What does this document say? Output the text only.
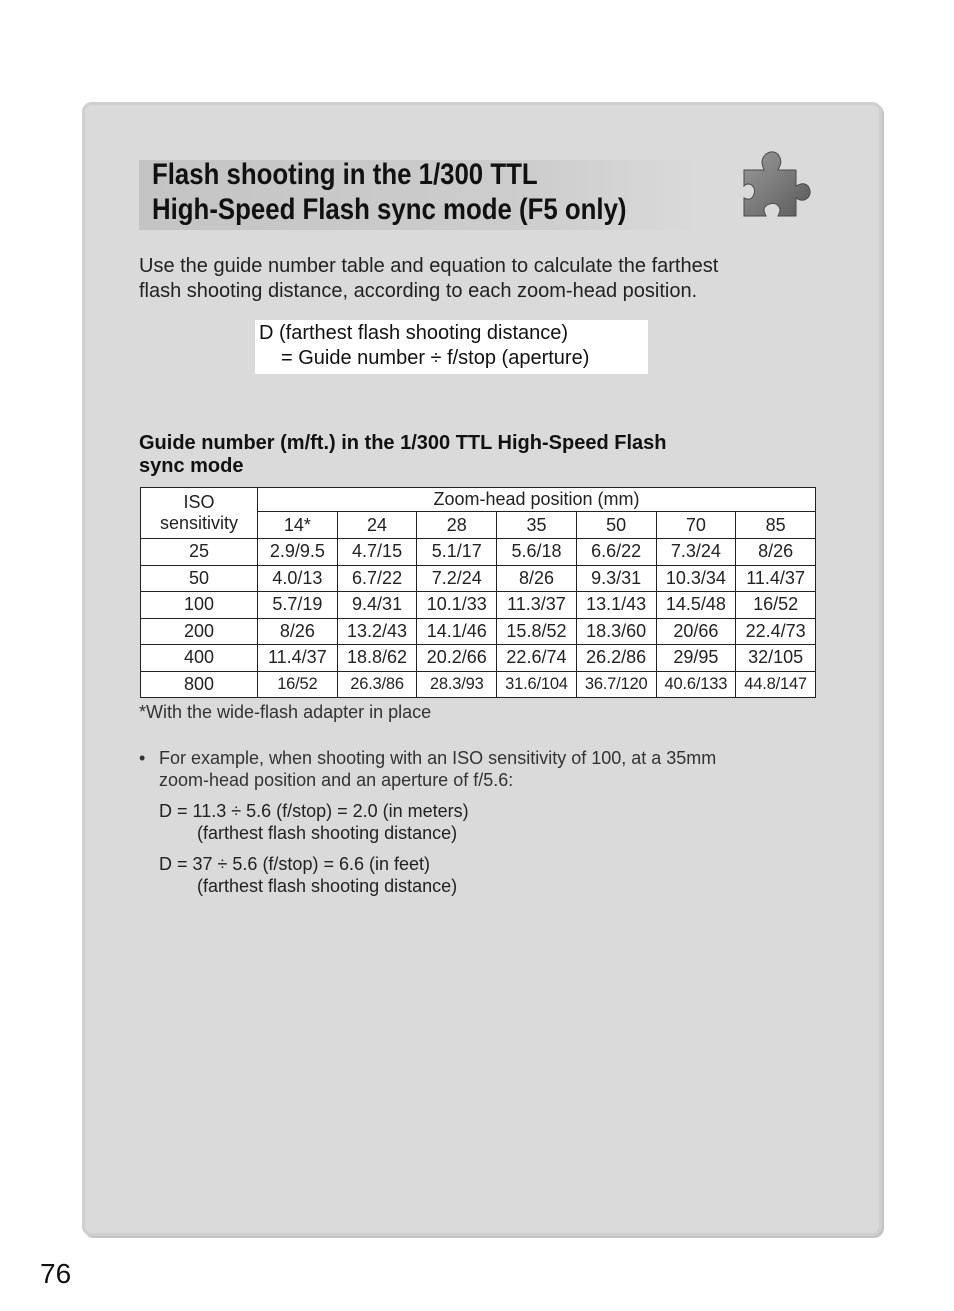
Flash shooting in the 1/300 TTL
High-Speed Flash sync mode (F5 only)

Use the guide number table and equation to calculate the farthest
flash shooting distance, according to each zoom-head position.

D (farthest flash shooting distance)
= Guide number ÷ f/stop (aperture)
Guide number (m/ft.) in the 1/300 TTL High-Speed Flash
sync mode
ISO
sensitivity	Zoom-head position (mm)						
	14*	24	28	35	50	70	85
25	2.9/9.5	4.7/15	5.1/17	5.6/18	6.6/22	7.3/24	8/26
50	4.0/13	6.7/22	7.2/24	8/26	9.3/31	10.3/34	11.4/37
100	5.7/19	9.4/31	10.1/33	11.3/37	13.1/43	14.5/48	16/52
200	8/26	13.2/43	14.1/46	15.8/52	18.3/60	20/66	22.4/73
400	11.4/37	18.8/62	20.2/66	22.6/74	26.2/86	29/95	32/105
800	16/52	26.3/86	28.3/93	31.6/104	36.7/120	40.6/133	44.8/147
*With the wide-flash adapter in place
• For example, when shooting with an ISO sensitivity of 100, at a 35mm
zoom-head position and an aperture of f/5.6:
D = 11.3 ÷ 5.6 (f/stop) = 2.0 (in meters)
(farthest flash shooting distance)
D = 37 ÷ 5.6 (f/stop) = 6.6 (in feet)
(farthest flash shooting distance)
76
